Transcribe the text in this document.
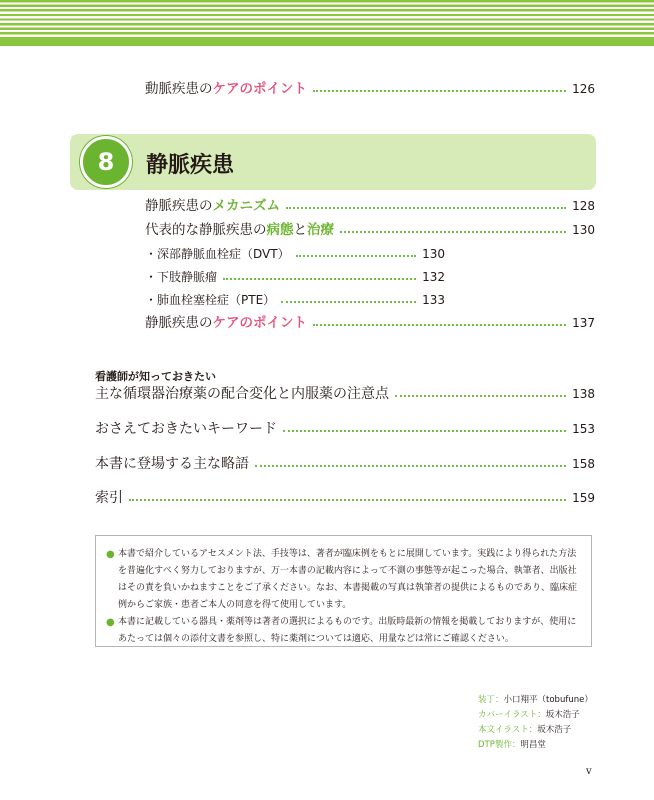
動脈疾患の ケアのポイント	126
8	静脈疾患
静脈疾患の メカニズム	128
代表的な静脈疾患の 病態 と 治療	130
・深部静脈血栓症（DVT）	130
・下肢静脈瘤	132
・肺血栓塞栓症（PTE）	133
静脈疾患の ケアのポイント	137
看護師が知っておきたい
主な循環器治療薬の配合変化と内服薬の注意点	138
おさえておきたいキーワード	153
本書に登場する主な略語	158
索引	159

● 本書で紹介しているアセスメント法、手技等は、著者が臨床例をもとに展開しています。実践により得られた方法を普遍化すべく努力しておりますが、万一本書の記載内容によって不測の事態等が起こった場合、執筆者、出版社はその責を負いかねますことをご了承ください。なお、本書掲載の写真は執筆者の提供によるものであり、臨床症例からご家族・患者ご本人の同意を得て使用しています。

● 本書に記載している器具・薬剤等は著者の選択によるものです。出版時最新の情報を掲載しておりますが、使用にあたっては個々の添付文書を参照し、特に薬剤については適応、用量などは常にご確認ください。

装丁：小口翔平（tobufune）
カバーイラスト：坂木浩子
本文イラスト：坂木浩子
DTP製作：明昌堂
v
